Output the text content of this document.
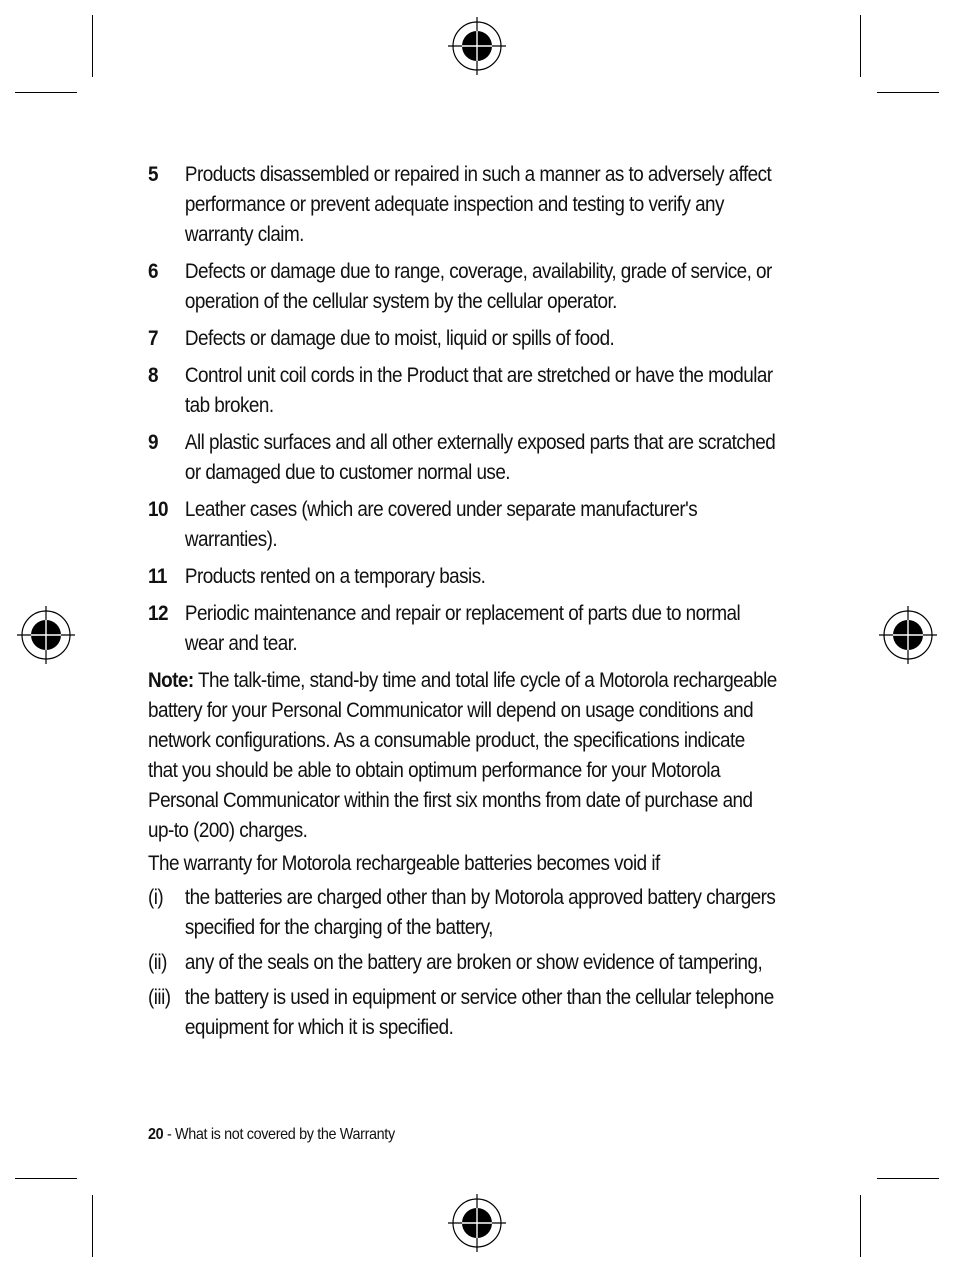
5	Products disassembled or repaired in such a manner as to adversely affect performance or prevent adequate inspection and testing to verify any warranty claim.
6	Defects or damage due to range, coverage, availability, grade of service, or operation of the cellular system by the cellular operator.
7	Defects or damage due to moist, liquid or spills of food.
8	Control unit coil cords in the Product that are stretched or have the modular tab broken.
9	All plastic surfaces and all other externally exposed parts that are scratched or damaged due to customer normal use.
10 Leather cases (which are covered under separate manufacturer's warranties).
11 Products rented on a temporary basis.
12 Periodic maintenance and repair or replacement of parts due to normal wear and tear.
Note: The talk-time, stand-by time and total life cycle of a Motorola rechargeable battery for your Personal Communicator will depend on usage conditions and network configurations. As a consumable product, the specifications indicate that you should be able to obtain optimum performance for your Motorola Personal Communicator within the first six months from date of purchase and up-to (200) charges.
The warranty for Motorola rechargeable batteries becomes void if
(i)	the batteries are charged other than by Motorola approved battery chargers specified for the charging of the battery,
(ii) any of the seals on the battery are broken or show evidence of tampering,
(iii) the battery is used in equipment or service other than the cellular telephone equipment for which it is specified.
20 - What is not covered by the Warranty
